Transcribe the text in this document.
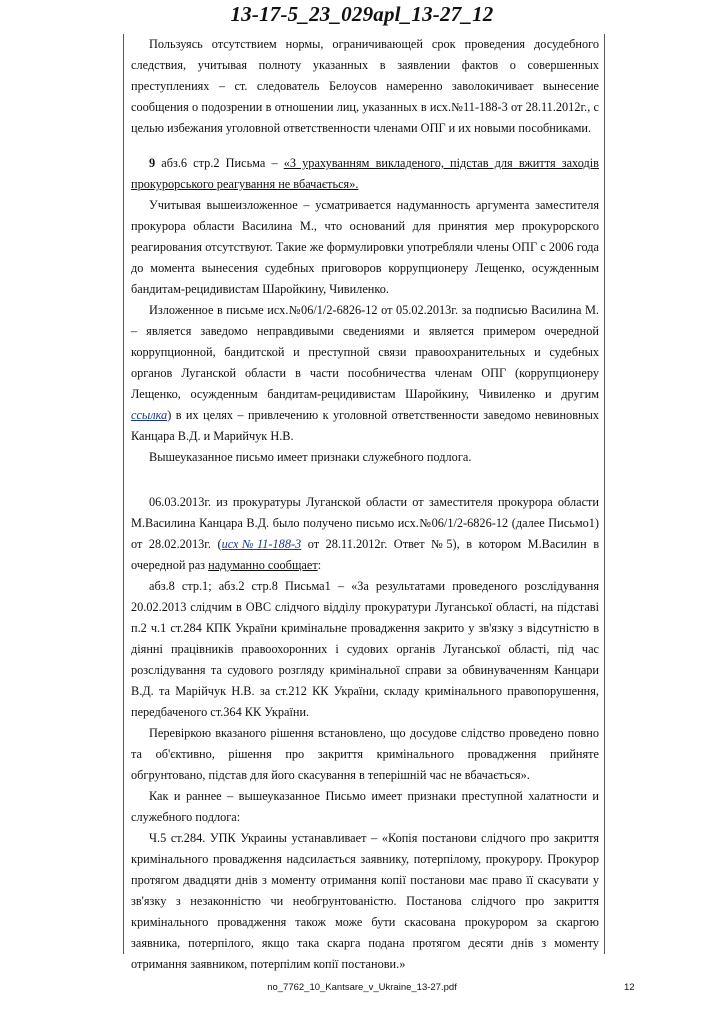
13-17-5_23_029apl_13-27_12

Пользуясь отсутствием нормы, ограничивающей срок проведения досудебного следствия, учитывая полноту указанных в заявлении фактов о совершенных преступлениях – ст. следователь Белоусов намеренно заволокичивает вынесение сообщения о подозрении в отношении лиц, указанных в исх.№11-188-3 от 28.11.2012г., с целью избежания уголовной ответственности членами ОПГ и их новыми пособниками.

9 абз.6 стр.2 Письма – «З урахуванням викладеного, підстав для вжиття заходів прокурорського реагування не вбачається».

Учитывая вышеизложенное – усматривается надуманность аргумента заместителя прокурора области Василина М., что оснований для принятия мер прокурорского реагирования отсутствуют. Такие же формулировки употребляли члены ОПГ с 2006 года до момента вынесения судебных приговоров коррупционеру Лещенко, осужденным бандитам-рецидивистам Шаройкину, Чивиленко.

Изложенное в письме исх.№06/1/2-6826-12 от 05.02.2013г. за подписью Василина М. – является заведомо неправдивыми сведениями и является примером очередной коррупционной, бандитской и преступной связи правоохранительных и судебных органов Луганской области в части пособничества членам ОПГ (коррупционеру Лещенко, осужденным бандитам-рецидивистам Шаройкину, Чивиленко и другим ссылка) в их целях – привлечению к уголовной ответственности заведомо невиновных Канцара В.Д. и Марийчук Н.В.

Вышеуказанное письмо имеет признаки служебного подлога.

06.03.2013г. из прокуратуры Луганской области от заместителя прокурора области М.Василина Канцара В.Д. было получено письмо исх.№06/1/2-6826-12 (далее Письмо1) от 28.02.2013г. (исх№11-188-3 от 28.11.2012г. Ответ №5), в котором М.Василин в очередной раз надуманно сообщает:

абз.8 стр.1; абз.2 стр.8 Письма1 – «За результатами проведеного розслідування 20.02.2013 слідчим в ОВС слідчого відділу прокуратури Луганської області, на підставі п.2 ч.1 ст.284 КПК України кримінальне провадження закрито у зв'язку з відсутністю в діянні працівників правоохоронних і судових органів Луганської області, під час розслідування та судового розгляду кримінальної справи за обвинуваченням Канцари В.Д. та Марійчук Н.В. за ст.212 КК України, складу кримінального правопорушення, передбаченого ст.364 КК України.

Перевіркою вказаного рішення встановлено, що досудове слідство проведено повно та об'єктивно, рішення про закриття кримінального провадження прийняте обгрунтовано, підстав для його скасування в теперішній час не вбачається».

Как и раннее – вышеуказанное Письмо имеет признаки преступной халатности и служебного подлога:

Ч.5 ст.284. УПК Украины устанавливает – «Копія постанови слідчого про закриття кримінального провадження надсилається заявнику, потерпілому, прокурору. Прокурор протягом двадцяти днів з моменту отримання копії постанови має право її скасувати у зв'язку з незаконністю чи необгрунтованістю. Постанова слідчого про закриття кримінального провадження також може бути скасована прокурором за скаргою заявника, потерпілого, якщо така скарга подана протягом десяти днів з моменту отримання заявником, потерпілим копії постанови.»

no_7762_10_Kantsare_v_Ukraine_13-27.pdf	12
